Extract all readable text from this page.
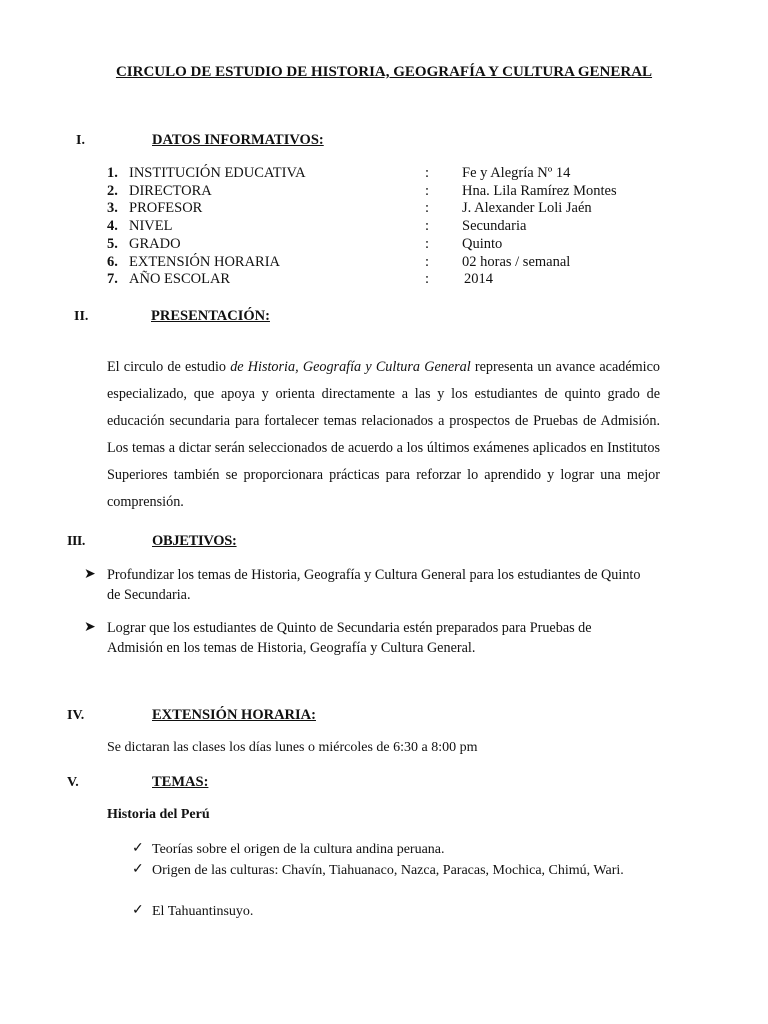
CIRCULO DE ESTUDIO DE HISTORIA, GEOGRAFÍA Y CULTURA GENERAL
I.	DATOS INFORMATIVOS:
1. INSTITUCIÓN EDUCATIVA	: Fe y Alegría Nº 14
2. DIRECTORA	: Hna. Lila Ramírez Montes
3. PROFESOR	: J. Alexander Loli Jaén
4. NIVEL	: Secundaria
5. GRADO	: Quinto
6. EXTENSIÓN HORARIA	: 02 horas / semanal
7. AÑO ESCOLAR	: 2014
II.	PRESENTACIÓN:
El circulo de estudio de Historia, Geografía y Cultura General representa un avance académico especializado, que apoya y orienta directamente a las y los estudiantes de quinto grado de educación secundaria para fortalecer temas relacionados a prospectos de Pruebas de Admisión. Los temas a dictar serán seleccionados de acuerdo a los últimos exámenes aplicados en Institutos Superiores también se proporcionara prácticas para reforzar lo aprendido y lograr una mejor comprensión.
III.	OBJETIVOS:
➤ Profundizar los temas de Historia, Geografía y Cultura General para los estudiantes de Quinto de Secundaria.
➤ Lograr que los estudiantes de Quinto de Secundaria estén preparados para Pruebas de Admisión en los temas de Historia, Geografía y Cultura General.
IV.	EXTENSIÓN HORARIA:
Se dictaran las clases los días lunes o miércoles de 6:30 a 8:00 pm
V.	TEMAS:
Historia del Perú
✓ Teorías sobre el origen de la cultura andina peruana.
✓ Origen de las culturas: Chavín, Tiahuanaco, Nazca, Paracas, Mochica, Chimú, Wari.
✓ El Tahuantinsuyo.
